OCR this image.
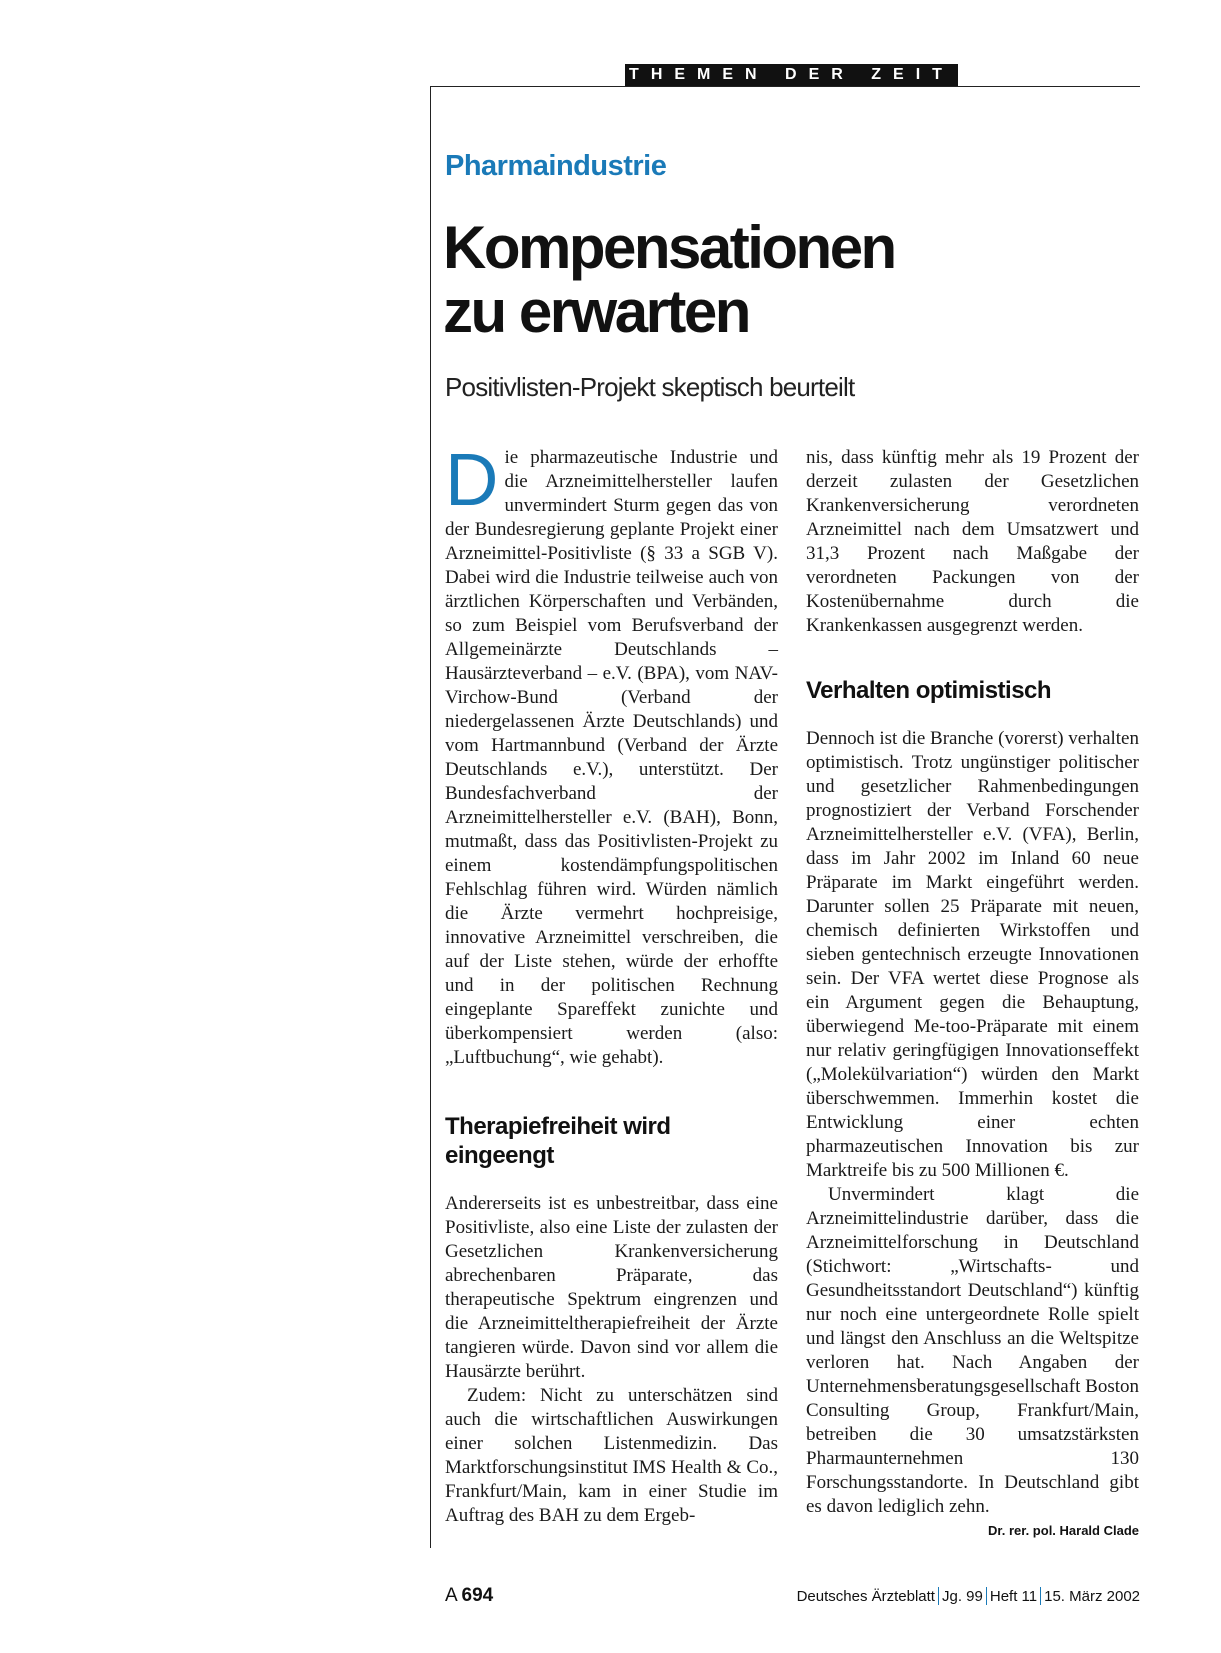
THEMEN DER ZEIT
Pharmaindustrie
Kompensationen
zu erwarten
Positivlisten-Projekt skeptisch beurteilt

Die pharmazeutische Industrie und die Arzneimittelhersteller laufen unvermindert Sturm gegen das von der Bundesregierung geplante Projekt einer Arzneimittel-Positivliste (§ 33 a SGB V). Dabei wird die Industrie teilweise auch von ärztlichen Körperschaften und Verbänden, so zum Beispiel vom Berufsverband der Allgemeinärzte Deutschlands – Hausärzteverband – e.V. (BPA), vom NAV-Virchow-Bund (Verband der niedergelassenen Ärzte Deutschlands) und vom Hartmannbund (Verband der Ärzte Deutschlands e.V.), unterstützt. Der Bundesfachverband der Arzneimittelhersteller e.V. (BAH), Bonn, mutmaßt, dass das Positivlisten-Projekt zu einem kostendämpfungspolitischen Fehlschlag führen wird. Würden nämlich die Ärzte vermehrt hochpreisige, innovative Arzneimittel verschreiben, die auf der Liste stehen, würde der erhoffte und in der politischen Rechnung eingeplante Spareffekt zunichte und überkompensiert werden (also: „Luftbuchung“, wie gehabt).

Therapiefreiheit wird eingeengt

Andererseits ist es unbestreitbar, dass eine Positivliste, also eine Liste der zulasten der Gesetzlichen Krankenversicherung abrechenbaren Präparate, das therapeutische Spektrum eingrenzen und die Arzneimitteltherapiefreiheit der Ärzte tangieren würde. Davon sind vor allem die Hausärzte berührt.

Zudem: Nicht zu unterschätzen sind auch die wirtschaftlichen Auswirkungen einer solchen Listenmedizin. Das Marktforschungsinstitut IMS Health & Co., Frankfurt/Main, kam in einer Studie im Auftrag des BAH zu dem Ergeb-

nis, dass künftig mehr als 19 Prozent der derzeit zulasten der Gesetzlichen Krankenversicherung verordneten Arzneimittel nach dem Umsatzwert und 31,3 Prozent nach Maßgabe der verordneten Packungen von der Kostenübernahme durch die Krankenkassen ausgegrenzt werden.

Verhalten optimistisch

Dennoch ist die Branche (vorerst) verhalten optimistisch. Trotz ungünstiger politischer und gesetzlicher Rahmenbedingungen prognostiziert der Verband Forschender Arzneimittelhersteller e.V. (VFA), Berlin, dass im Jahr 2002 im Inland 60 neue Präparate im Markt eingeführt werden. Darunter sollen 25 Präparate mit neuen, chemisch definierten Wirkstoffen und sieben gentechnisch erzeugte Innovationen sein. Der VFA wertet diese Prognose als ein Argument gegen die Behauptung, überwiegend Me-too-Präparate mit einem nur relativ geringfügigen Innovationseffekt („Molekülvariation“) würden den Markt überschwemmen. Immerhin kostet die Entwicklung einer echten pharmazeutischen Innovation bis zur Marktreife bis zu 500 Millionen €.

Unvermindert klagt die Arzneimittelindustrie darüber, dass die Arzneimittelforschung in Deutschland (Stichwort: „Wirtschafts- und Gesundheitsstandort Deutschland“) künftig nur noch eine untergeordnete Rolle spielt und längst den Anschluss an die Weltspitze verloren hat. Nach Angaben der Unternehmensberatungsgesellschaft Boston Consulting Group, Frankfurt/Main, betreiben die 30 umsatzstärksten Pharmaunternehmen 130 Forschungsstandorte. In Deutschland gibt es davon lediglich zehn.
Dr. rer. pol. Harald Clade

A  694	Deutsches Ärzteblatt Jg. 99 Heft 11 15. März 2002
